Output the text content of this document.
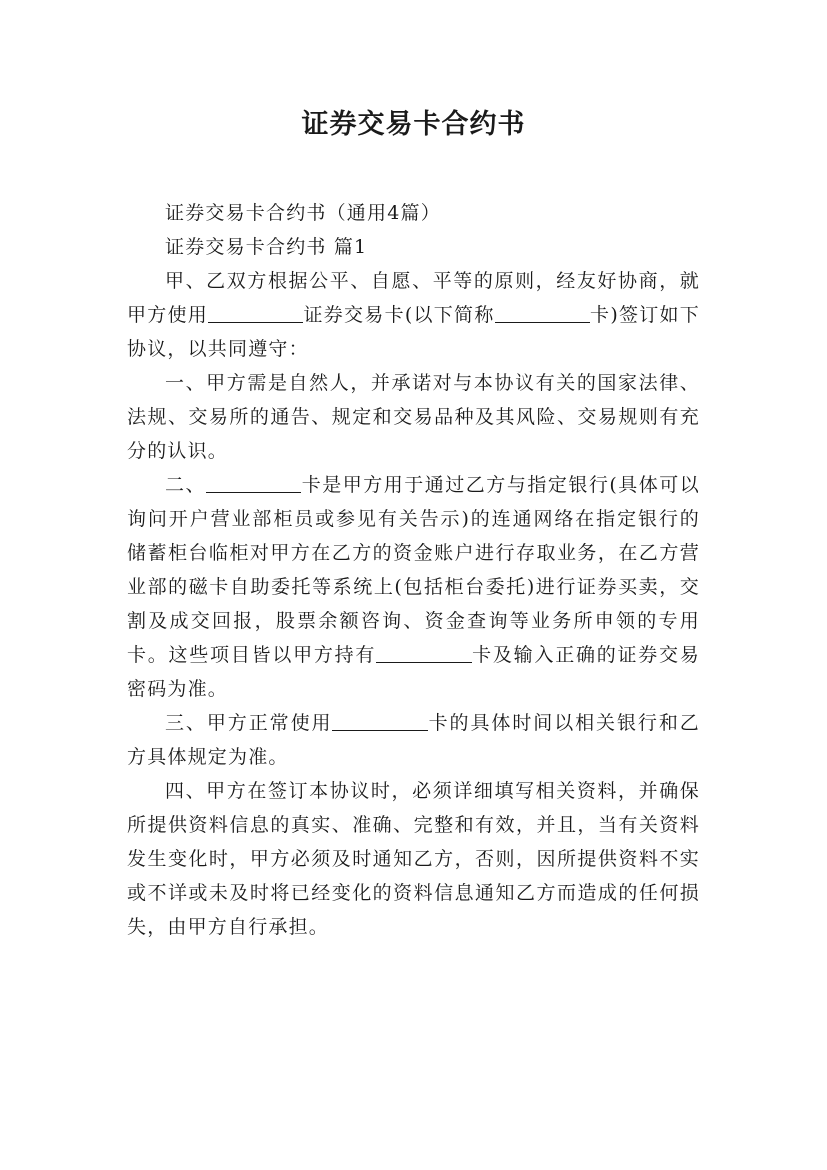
证券交易卡合约书

证券交易卡合约书（通用4篇）

证券交易卡合约书 篇1

甲、乙双方根据公平、自愿、平等的原则，经友好协商，就甲方使用	证券交易卡(以下简称	卡)签订如下协议，以共同遵守：

一、甲方需是自然人，并承诺对与本协议有关的国家法律、法规、交易所的通告、规定和交易品种及其风险、交易规则有充分的认识。

二、	卡是甲方用于通过乙方与指定银行(具体可以询问开户营业部柜员或参见有关告示)的连通网络在指定银行的储蓄柜台临柜对甲方在乙方的资金账户进行存取业务，在乙方营业部的磁卡自助委托等系统上(包括柜台委托)进行证券买卖，交割及成交回报，股票余额咨询、资金查询等业务所申领的专用卡。这些项目皆以甲方持有	卡及输入正确的证券交易密码为准。

三、甲方正常使用	卡的具体时间以相关银行和乙方具体规定为准。

四、甲方在签订本协议时，必须详细填写相关资料，并确保所提供资料信息的真实、准确、完整和有效，并且，当有关资料发生变化时，甲方必须及时通知乙方，否则，因所提供资料不实或不详或未及时将已经变化的资料信息通知乙方而造成的任何损失，由甲方自行承担。
